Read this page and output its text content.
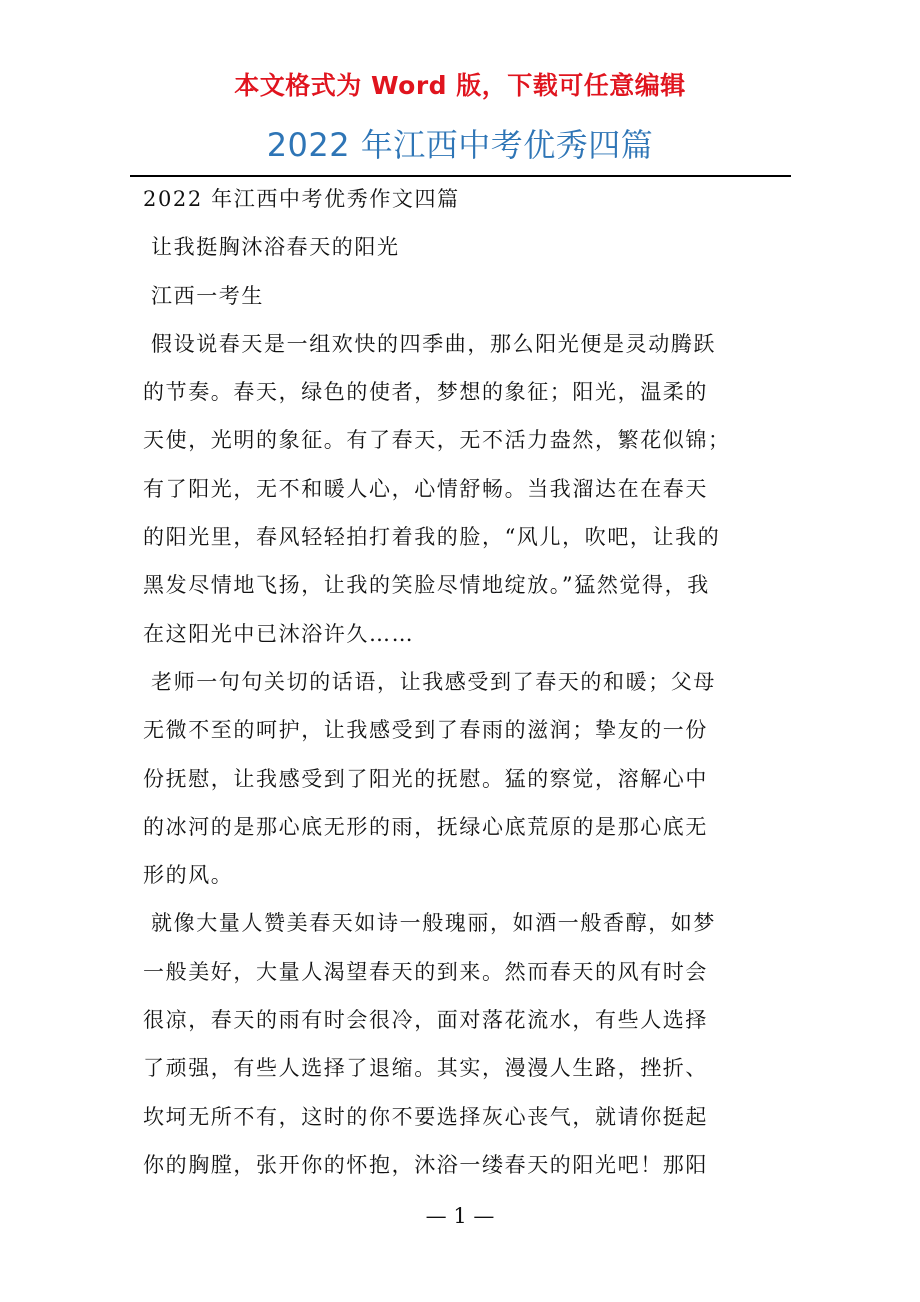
本文格式为 Word 版，下载可任意编辑
2022 年江西中考优秀四篇
2022 年江西中考优秀作文四篇
让我挺胸沐浴春天的阳光
江西一考生
假设说春天是一组欢快的四季曲，那么阳光便是灵动腾跃
的节奏。春天，绿色的使者，梦想的象征；阳光，温柔的
天使，光明的象征。有了春天，无不活力盎然，繁花似锦；
有了阳光，无不和暖人心，心情舒畅。当我溜达在在春天
的阳光里，春风轻轻拍打着我的脸，“风儿，吹吧，让我的
黑发尽情地飞扬，让我的笑脸尽情地绽放。”猛然觉得，我
在这阳光中已沐浴许久……
老师一句句关切的话语，让我感受到了春天的和暖；父母
无微不至的呵护，让我感受到了春雨的滋润；挚友的一份
份抚慰，让我感受到了阳光的抚慰。猛的察觉，溶解心中
的冰河的是那心底无形的雨，抚绿心底荒原的是那心底无
形的风。
就像大量人赞美春天如诗一般瑰丽，如酒一般香醇，如梦
一般美好，大量人渴望春天的到来。然而春天的风有时会
很凉，春天的雨有时会很冷，面对落花流水，有些人选择
了顽强，有些人选择了退缩。其实，漫漫人生路，挫折、
坎坷无所不有，这时的你不要选择灰心丧气，就请你挺起
你的胸膛，张开你的怀抱，沐浴一缕春天的阳光吧！那阳
— 1 —
